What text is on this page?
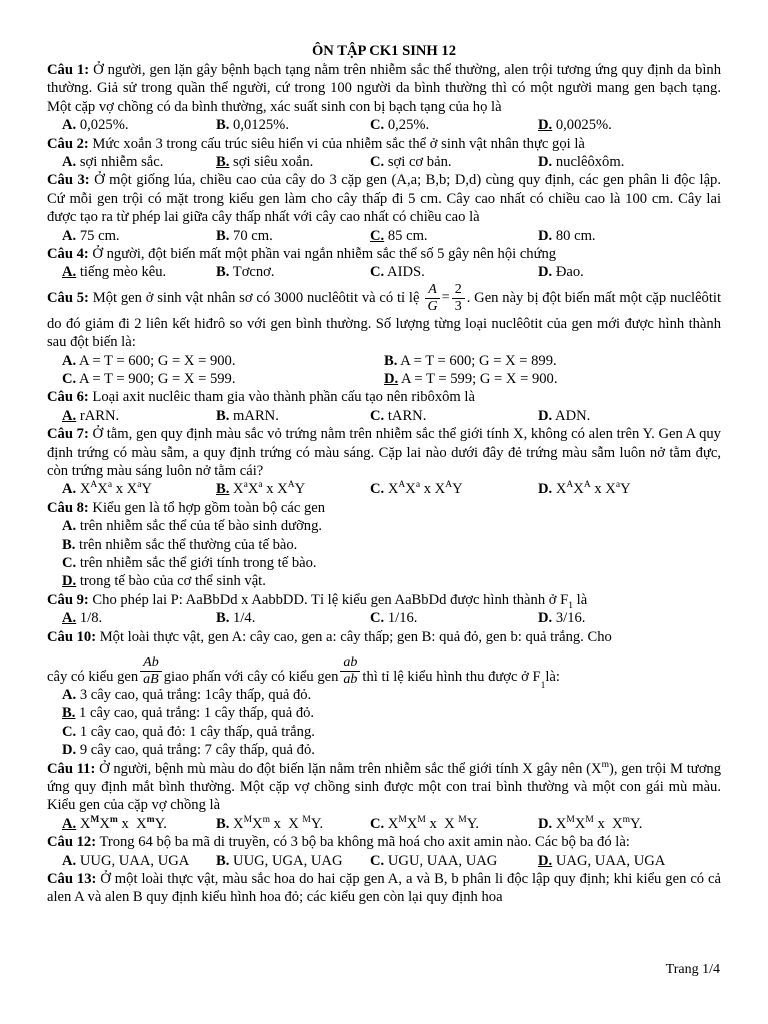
ÔN TẬP CK1 SINH 12
Câu 1: Ở người, gen lặn gây bệnh bạch tạng nằm trên nhiễm sắc thể thường, alen trội tương ứng quy định da bình thường. Giả sử trong quần thể người, cứ trong 100 người da bình thường thì có một người mang gen bạch tạng. Một cặp vợ chồng có da bình thường, xác suất sinh con bị bạch tạng của họ là
A. 0,025%.	B. 0,0125%.	C. 0,25%.	D. 0,0025%.
Câu 2: Mức xoắn 3 trong cấu trúc siêu hiển vi của nhiễm sắc thể ở sinh vật nhân thực gọi là
A. sợi nhiễm sắc.	B. sợi siêu xoắn.	C. sợi cơ bản.	D. nuclêôxôm.
Câu 3: Ở một giống lúa, chiều cao của cây do 3 cặp gen (A,a; B,b; D,d) cùng quy định, các gen phân li độc lập. Cứ mỗi gen trội có mặt trong kiểu gen làm cho cây thấp đi 5 cm. Cây cao nhất có chiều cao là 100 cm. Cây lai được tạo ra từ phép lai giữa cây thấp nhất với cây cao nhất có chiều cao là
A. 75 cm.	B. 70 cm.	C. 85 cm.	D. 80 cm.
Câu 4: Ở người, đột biến mất một phần vai ngắn nhiễm sắc thể số 5 gây nên hội chứng
A. tiếng mèo kêu.	B. Tơcnơ.	C. AIDS.	D. Đao.
Câu 5: Một gen ở sinh vật nhân sơ có 3000 nuclêôtit và có tỉ lệ $\frac{A}{G} = \frac{2}{3}$ . Gen này bị đột biến mất một cặp nuclêôtit do đó giảm đi 2 liên kết hiđrô so với gen bình thường. Số lượng từng loại nuclêôtit của gen mới được hình thành sau đột biến là:
A. A = T = 600; G = X = 900.	B. A = T = 600; G = X = 899.
C. A = T = 900; G = X = 599.	D. A = T = 599; G = X = 900.
Câu 6: Loại axit nuclêic tham gia vào thành phần cấu tạo nên ribôxôm là
A. rARN.	B. mARN.	C. tARN.	D. ADN.
Câu 7: Ở tằm, gen quy định màu sắc vỏ trứng nằm trên nhiễm sắc thể giới tính X, không có alen trên Y. Gen A quy định trứng có màu sẫm, a quy định trứng có màu sáng. Cặp lai nào dưới đây đẻ trứng màu sẫm luôn nở tằm đực, còn trứng màu sáng luôn nở tằm cái?
A. $X^AX^a$ x $X^aY$	B. $X^aX^a$ x $X^AY$	C. $X^AX^a$ x $X^AY$	D. $X^AX^A$ x $X^aY$
Câu 8: Kiểu gen là tổ hợp gồm toàn bộ các gen
A. trên nhiễm sắc thể của tế bào sinh dưỡng.
B. trên nhiễm sắc thể thường của tế bào.
C. trên nhiễm sắc thể giới tính trong tế bào.
D. trong tế bào của cơ thể sinh vật.
Câu 9: Cho phép lai P: AaBbDd x AabbDD. Tỉ lệ kiểu gen AaBbDd được hình thành ở $F_1$ là
A. 1/8.	B. 1/4.	C. 1/16.	D. 3/16.
Câu 10: Một loài thực vật, gen A: cây cao, gen a: cây thấp; gen B: quả đỏ, gen b: quả trắng. Cho
cây có kiểu gen $\frac{Ab}{aB}$ giao phấn với cây có kiểu gen $\frac{ab}{ab}$ thì tỉ lệ kiểu hình thu được ở F
1
là:
A. 3 cây cao, quả trắng: 1cây thấp, quả đỏ.
B. 1 cây cao, quả trắng: 1 cây thấp, quả đỏ.
C. 1 cây cao, quả đỏ: 1 cây thấp, quả trắng.
D. 9 cây cao, quả trắng: 7 cây thấp, quả đỏ.
Câu 11: Ở người, bệnh mù màu do đột biến lặn nằm trên nhiễm sắc thể giới tính X gây nên $(X^m)$, gen trội M tương ứng quy định mắt bình thường. Một cặp vợ chồng sinh được một con trai bình thường và một con gái mù màu. Kiểu gen của cặp vợ chồng là
A. $X^MX^m$ x  $X^mY$.	B. $X^MX^m$ x  X $^M$Y.	C. $X^MX^M$ x  X $^M$Y.	D. $X^MX^M$ x  $X^mY$.
Câu 12: Trong 64 bộ ba mã di truyền, có 3 bộ ba không mã hoá cho axit amin nào. Các bộ ba đó là:
A. UUG, UAA, UGA	B. UUG, UGA, UAG	C. UGU, UAA, UAG	D. UAG, UAA, UGA
Câu 13: Ở một loài thực vật, màu sắc hoa do hai cặp gen A, a và B, b phân li độc lập quy định; khi kiểu gen có cả alen A và alen B quy định kiểu hình hoa đỏ; các kiểu gen còn lại quy định hoa
Trang 1/4
